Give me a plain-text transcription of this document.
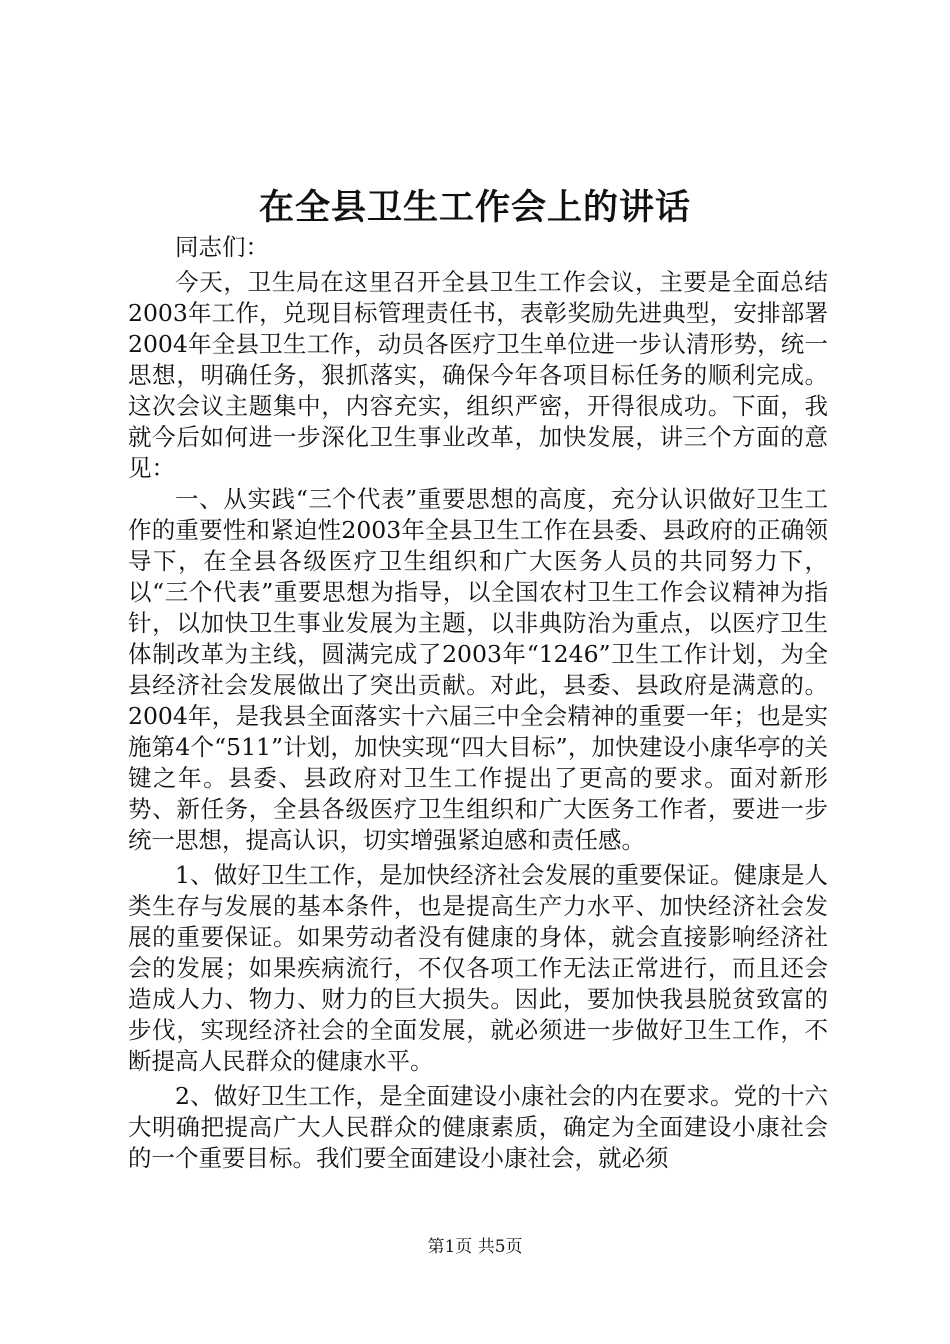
在全县卫生工作会上的讲话

同志们：

今天，卫生局在这里召开全县卫生工作会议，主要是全面总结2003年工作，兑现目标管理责任书，表彰奖励先进典型，安排部署2004年全县卫生工作，动员各医疗卫生单位进一步认清形势，统一思想，明确任务，狠抓落实，确保今年各项目标任务的顺利完成。这次会议主题集中，内容充实，组织严密，开得很成功。下面，我就今后如何进一步深化卫生事业改革，加快发展，讲三个方面的意见：

一、从实践“三个代表”重要思想的高度，充分认识做好卫生工作的重要性和紧迫性2003年全县卫生工作在县委、县政府的正确领导下，在全县各级医疗卫生组织和广大医务人员的共同努力下，以“三个代表”重要思想为指导，以全国农村卫生工作会议精神为指针，以加快卫生事业发展为主题，以非典防治为重点，以医疗卫生体制改革为主线，圆满完成了2003年“1246”卫生工作计划，为全县经济社会发展做出了突出贡献。对此，县委、县政府是满意的。2004年，是我县全面落实十六届三中全会精神的重要一年；也是实施第4个“511”计划，加快实现“四大目标”，加快建设小康华亭的关键之年。县委、县政府对卫生工作提出了更高的要求。面对新形势、新任务，全县各级医疗卫生组织和广大医务工作者，要进一步统一思想，提高认识，切实增强紧迫感和责任感。

1、做好卫生工作，是加快经济社会发展的重要保证。健康是人类生存与发展的基本条件，也是提高生产力水平、加快经济社会发展的重要保证。如果劳动者没有健康的身体，就会直接影响经济社会的发展；如果疾病流行，不仅各项工作无法正常进行，而且还会造成人力、物力、财力的巨大损失。因此，要加快我县脱贫致富的步伐，实现经济社会的全面发展，就必须进一步做好卫生工作，不断提高人民群众的健康水平。

2、做好卫生工作，是全面建设小康社会的内在要求。党的十六大明确把提高广大人民群众的健康素质，确定为全面建设小康社会的一个重要目标。我们要全面建设小康社会，就必须

第1页 共5页
